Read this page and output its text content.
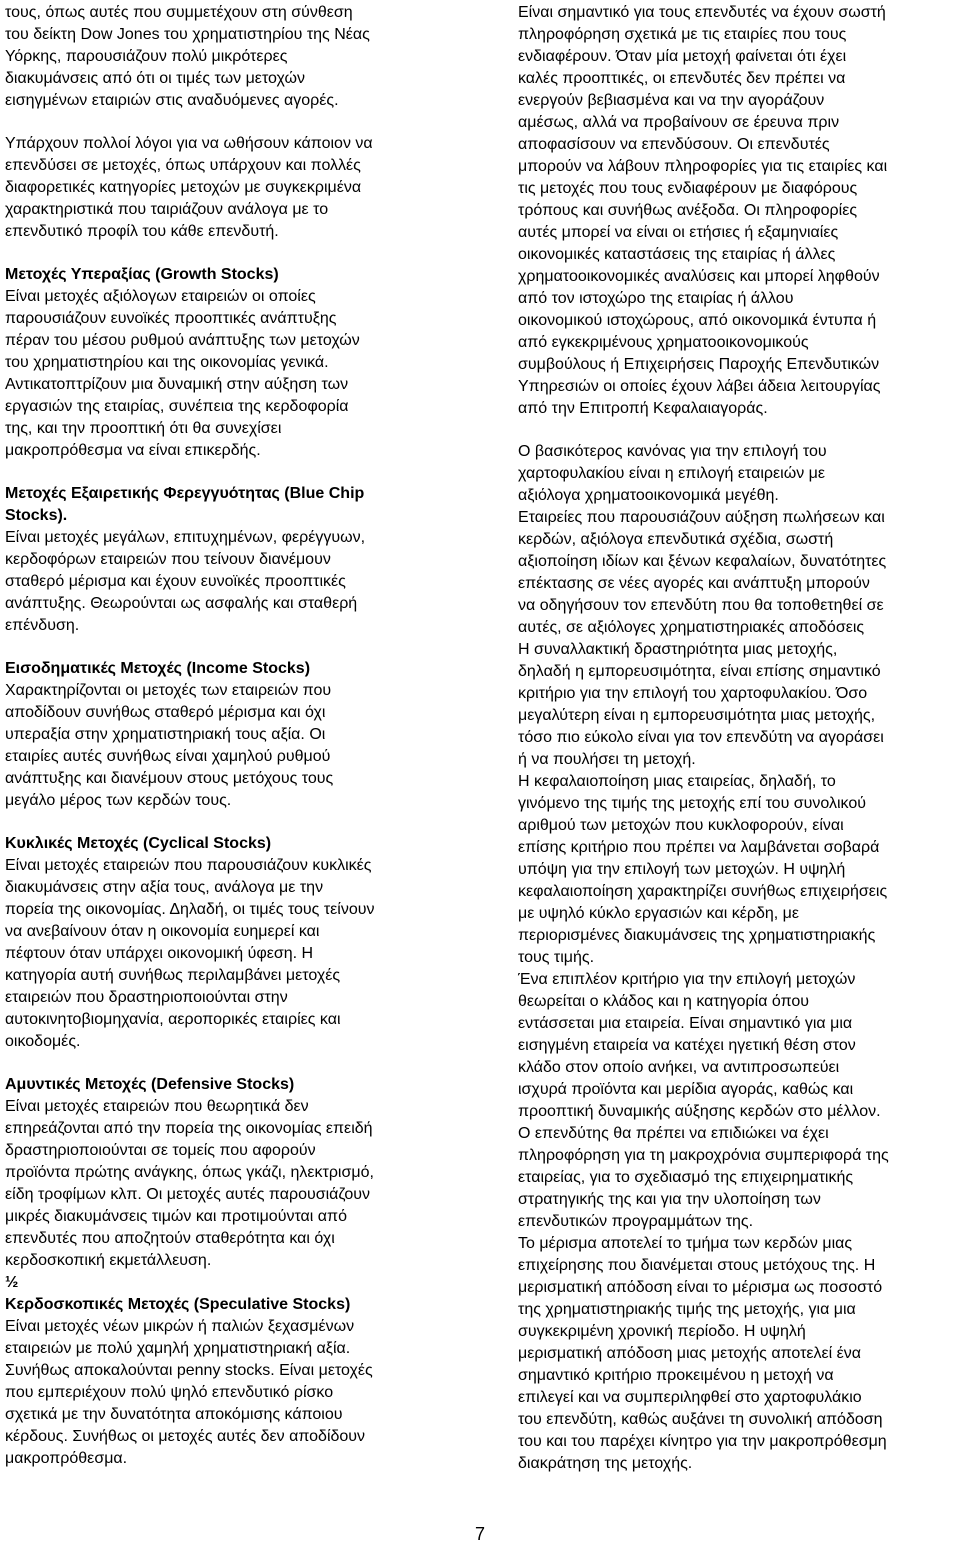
τους, όπως αυτές που συμμετέχουν στη σύνθεση
του δείκτη Dow Jones του χρηματιστηρίου της Νέας
Υόρκης, παρουσιάζουν πολύ μικρότερες
διακυμάνσεις από ότι οι τιμές των μετοχών
εισηγμένων εταιριών στις αναδυόμενες αγορές.

Υπάρχουν πολλοί λόγοι για να ωθήσουν κάποιον να
επενδύσει σε μετοχές, όπως υπάρχουν και πολλές
διαφορετικές κατηγορίες μετοχών με συγκεκριμένα
χαρακτηριστικά που ταιριάζουν ανάλογα με το
επενδυτικό προφίλ του κάθε επενδυτή.

Μετοχές Υπεραξίας (Growth Stocks)

Είναι μετοχές αξιόλογων εταιρειών οι οποίες
παρουσιάζουν ευνοϊκές προοπτικές ανάπτυξης
πέραν του μέσου ρυθμού ανάπτυξης των μετοχών
του χρηματιστηρίου και της οικονομίας γενικά.
Αντικατοπτρίζουν μια δυναμική στην αύξηση των
εργασιών της εταιρίας, συνέπεια της κερδοφορία
της, και την προοπτική ότι θα συνεχίσει
μακροπρόθεσμα να είναι επικερδής.

Μετοχές Εξαιρετικής Φερεγγυότητας (Blue Chip
Stocks).

Είναι μετοχές μεγάλων, επιτυχημένων, φερέγγυων,
κερδοφόρων εταιρειών που τείνουν διανέμουν
σταθερό μέρισμα και έχουν ευνοϊκές προοπτικές
ανάπτυξης. Θεωρούνται ως ασφαλής και σταθερή
επένδυση.

Εισοδηματικές Μετοχές (Income Stocks)

Χαρακτηρίζονται οι μετοχές των εταιρειών που
αποδίδουν συνήθως σταθερό μέρισμα και όχι
υπεραξία στην χρηματιστηριακή τους αξία. Οι
εταιρίες αυτές συνήθως είναι χαμηλού ρυθμού
ανάπτυξης και διανέμουν στους μετόχους τους
μεγάλο μέρος των κερδών τους.

Κυκλικές Μετοχές (Cyclical Stocks)

Είναι μετοχές εταιρειών που παρουσιάζουν κυκλικές
διακυμάνσεις στην αξία τους, ανάλογα με την
πορεία της οικονομίας. Δηλαδή, οι τιμές τους τείνουν
να ανεβαίνουν όταν η οικονομία ευημερεί και
πέφτουν όταν υπάρχει οικονομική ύφεση. Η
κατηγορία αυτή συνήθως περιλαμβάνει μετοχές
εταιρειών που δραστηριοποιούνται στην
αυτοκινητοβιομηχανία, αεροπορικές εταιρίες και
οικοδομές.

Αμυντικές Μετοχές (Defensive Stocks)

Είναι μετοχές εταιρειών που θεωρητικά δεν
επηρεάζονται από την πορεία της οικονομίας επειδή
δραστηριοποιούνται σε τομείς που αφορούν
προϊόντα πρώτης ανάγκης, όπως γκάζι, ηλεκτρισμό,
είδη τροφίμων κλπ. Οι μετοχές αυτές παρουσιάζουν
μικρές διακυμάνσεις τιμών και προτιμούνται από
επενδυτές που αποζητούν σταθερότητα και όχι
κερδοσκοπική εκμετάλλευση.

½

Κερδοσκοπικές Μετοχές (Speculative Stocks)

Είναι μετοχές νέων μικρών ή παλιών ξεχασμένων
εταιρειών με πολύ χαμηλή χρηματιστηριακή αξία.
Συνήθως αποκαλούνται penny stocks. Είναι μετοχές
που εμπεριέχουν πολύ ψηλό επενδυτικό ρίσκο
σχετικά με την δυνατότητα αποκόμισης κάποιου
κέρδους. Συνήθως οι μετοχές αυτές δεν αποδίδουν
μακροπρόθεσμα.

Είναι σημαντικό για τους επενδυτές να έχουν σωστή
πληροφόρηση σχετικά με τις εταιρίες που τους
ενδιαφέρουν. Όταν μία μετοχή φαίνεται ότι έχει
καλές προοπτικές, οι επενδυτές δεν πρέπει να
ενεργούν βεβιασμένα και να την αγοράζουν
αμέσως, αλλά να προβαίνουν σε έρευνα πριν
αποφασίσουν να επενδύσουν. Οι επενδυτές
μπορούν να λάβουν πληροφορίες για τις εταιρίες και
τις μετοχές που τους ενδιαφέρουν με διαφόρους
τρόπους και συνήθως ανέξοδα. Οι πληροφορίες
αυτές μπορεί να είναι οι ετήσιες ή εξαμηνιαίες
οικονομικές καταστάσεις της εταιρίας ή άλλες
χρηματοοικονομικές αναλύσεις και μπορεί ληφθούν
από τον ιστοχώρο της εταιρίας ή άλλου
οικονομικού ιστοχώρους, από οικονομικά έντυπα ή
από εγκεκριμένους χρηματοοικονομικούς
συμβούλους ή Επιχειρήσεις Παροχής Επενδυτικών
Υπηρεσιών οι οποίες έχουν λάβει άδεια λειτουργίας
από την Επιτροπή Κεφαλαιαγοράς.

Ο βασικότερος κανόνας για την επιλογή του
χαρτοφυλακίου είναι η επιλογή εταιρειών με
αξιόλογα χρηματοοικονομικά μεγέθη.
Εταιρείες που παρουσιάζουν αύξηση πωλήσεων και
κερδών, αξιόλογα επενδυτικά σχέδια, σωστή
αξιοποίηση ιδίων και ξένων κεφαλαίων, δυνατότητες
επέκτασης σε νέες αγορές και ανάπτυξη μπορούν
να οδηγήσουν τον επενδύτη που θα τοποθετηθεί σε
αυτές, σε αξιόλογες χρηματιστηριακές αποδόσεις
Η συναλλακτική δραστηριότητα μιας μετοχής,
δηλαδή η εμπορευσιμότητα, είναι επίσης σημαντικό
κριτήριο για την επιλογή του χαρτοφυλακίου. Όσο
μεγαλύτερη είναι η εμπορευσιμότητα μιας μετοχής,
τόσο πιο εύκολο είναι για τον επενδύτη να αγοράσει
ή να πουλήσει τη μετοχή.
Η κεφαλαιοποίηση μιας εταιρείας, δηλαδή, το
γινόμενο της τιμής της μετοχής επί του συνολικού
αριθμού των μετοχών που κυκλοφορούν, είναι
επίσης κριτήριο που πρέπει να λαμβάνεται σοβαρά
υπόψη για την επιλογή των μετοχών. Η υψηλή
κεφαλαιοποίηση χαρακτηρίζει συνήθως επιχειρήσεις
με υψηλό κύκλο εργασιών και κέρδη, με
περιορισμένες διακυμάνσεις της χρηματιστηριακής
τους τιμής.
Ένα επιπλέον κριτήριο για την επιλογή μετοχών
θεωρείται ο κλάδος και η κατηγορία όπου
εντάσσεται μια εταιρεία. Είναι σημαντικό για μια
εισηγμένη εταιρεία να κατέχει ηγετική θέση στον
κλάδο στον οποίο ανήκει, να αντιπροσωπεύει
ισχυρά προϊόντα και μερίδια αγοράς, καθώς και
προοπτική δυναμικής αύξησης κερδών στο μέλλον.
Ο επενδύτης θα πρέπει να επιδιώκει να έχει
πληροφόρηση για τη μακροχρόνια συμπεριφορά της
εταιρείας, για το σχεδιασμό της επιχειρηματικής
στρατηγικής της και για την υλοποίηση των
επενδυτικών προγραμμάτων της.
Το μέρισμα αποτελεί το τμήμα των κερδών μιας
επιχείρησης που διανέμεται στους μετόχους της. Η
μερισματική απόδοση είναι το μέρισμα ως ποσοστό
της χρηματιστηριακής τιμής της μετοχής, για μια
συγκεκριμένη χρονική περίοδο. Η υψηλή
μερισματική απόδοση μιας μετοχής αποτελεί ένα
σημαντικό κριτήριο προκειμένου η μετοχή να
επιλεγεί και να συμπεριληφθεί στο χαρτοφυλάκιο
του επενδύτη, καθώς αυξάνει τη συνολική απόδοση
του και του παρέχει κίνητρο για την μακροπρόθεσμη
διακράτηση της μετοχής.

7
